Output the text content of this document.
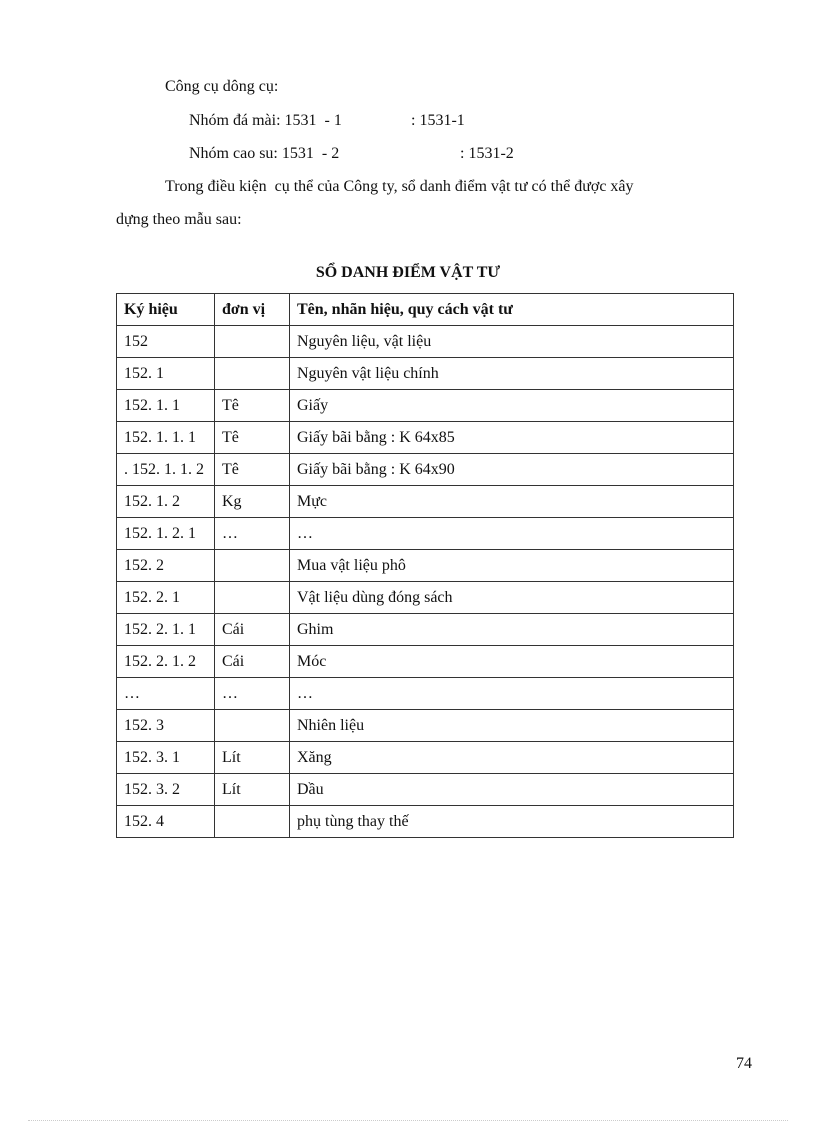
Công cụ dông cụ:
Nhóm đá mài: 1531  - 1	: 1531-1
Nhóm cao su: 1531  - 2	: 1531-2
Trong điều kiện  cụ thể của Công ty, sổ danh điểm vật tư có thể được xây
dựng theo mẫu sau:
SỔ DANH ĐIỂM VẬT TƯ
Ký hiệu	đơn vị	Tên, nhãn hiệu, quy cách vật tư
152		Nguyên liệu, vật liệu
152. 1		Nguyên vật liệu chính
152. 1. 1	Tê	Giấy
152. 1. 1. 1	Tê	Giấy bãi bằng : K 64x85
. 152. 1. 1. 2	Tê	Giấy bãi bằng : K 64x90
152. 1. 2	Kg	Mực
152. 1. 2. 1	…	…
152. 2		Mua vật liệu phô
152. 2. 1		Vật liệu dùng đóng sách
152. 2. 1. 1	Cái	Ghim
152. 2. 1. 2	Cái	Móc
…	…	…
152. 3		Nhiên liệu
152. 3. 1	Lít	Xăng
152. 3. 2	Lít	Dầu
152. 4		phụ tùng thay thế
74
